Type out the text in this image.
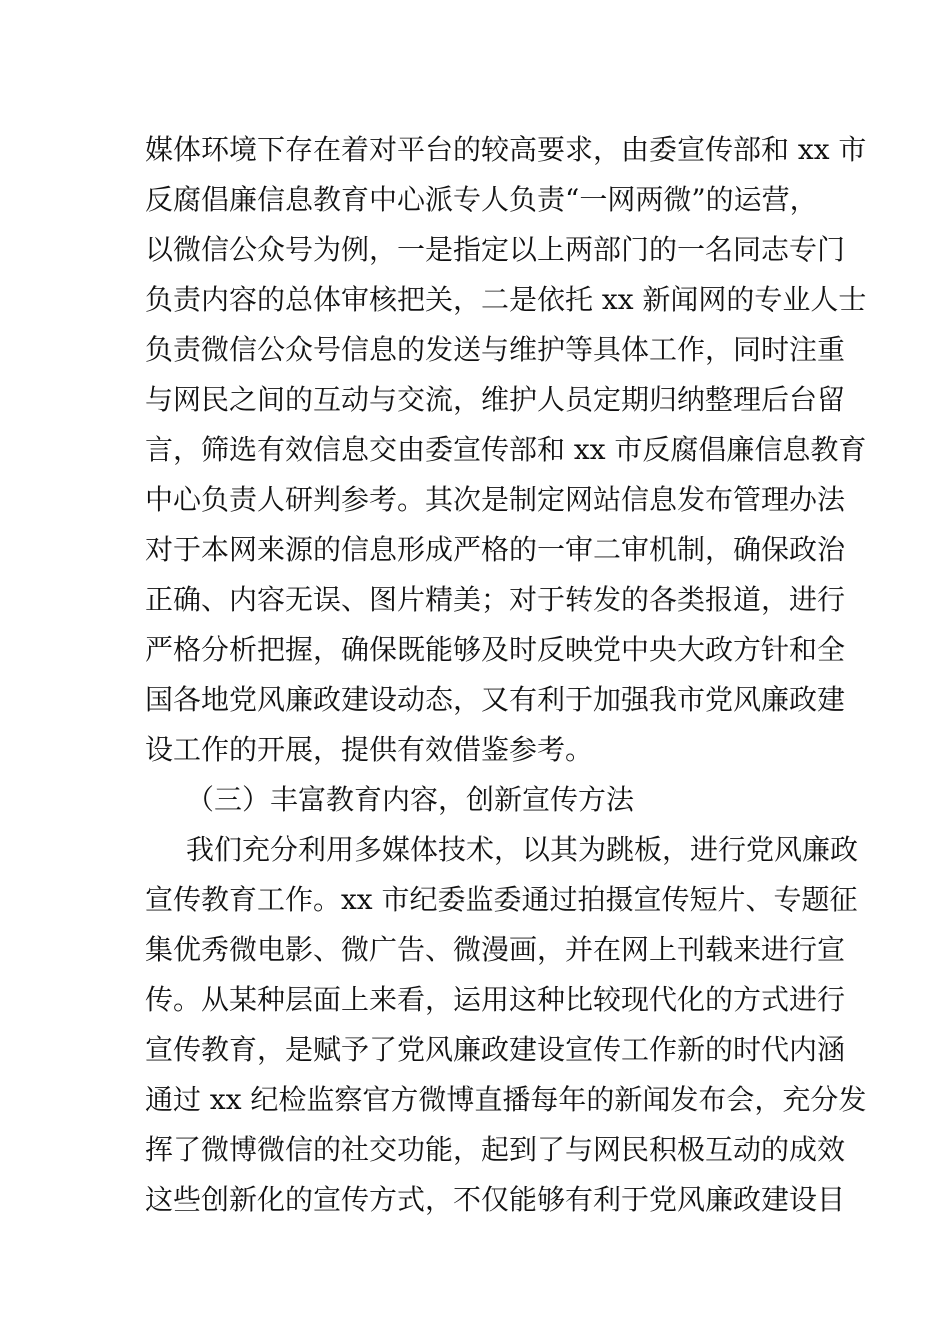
媒体环境下存在着对平台的较高要求，由委宣传部和 xx 市
反腐倡廉信息教育中心派专人负责“一网两微”的运营，
以微信公众号为例，一是指定以上两部门的一名同志专门
负责内容的总体审核把关，二是依托 xx 新闻网的专业人士
负责微信公众号信息的发送与维护等具体工作，同时注重
与网民之间的互动与交流，维护人员定期归纳整理后台留
言，筛选有效信息交由委宣传部和 xx 市反腐倡廉信息教育
中心负责人研判参考。其次是制定网站信息发布管理办法
对于本网来源的信息形成严格的一审二审机制，确保政治
正确、内容无误、图片精美；对于转发的各类报道，进行
严格分析把握，确保既能够及时反映党中央大政方针和全
国各地党风廉政建设动态，又有利于加强我市党风廉政建
设工作的开展，提供有效借鉴参考。
（三）丰富教育内容，创新宣传方法
我们充分利用多媒体技术，以其为跳板，进行党风廉政
宣传教育工作。xx 市纪委监委通过拍摄宣传短片、专题征
集优秀微电影、微广告、微漫画，并在网上刊载来进行宣
传。从某种层面上来看，运用这种比较现代化的方式进行
宣传教育，是赋予了党风廉政建设宣传工作新的时代内涵
通过 xx 纪检监察官方微博直播每年的新闻发布会，充分发
挥了微博微信的社交功能，起到了与网民积极互动的成效
这些创新化的宣传方式，不仅能够有利于党风廉政建设目
